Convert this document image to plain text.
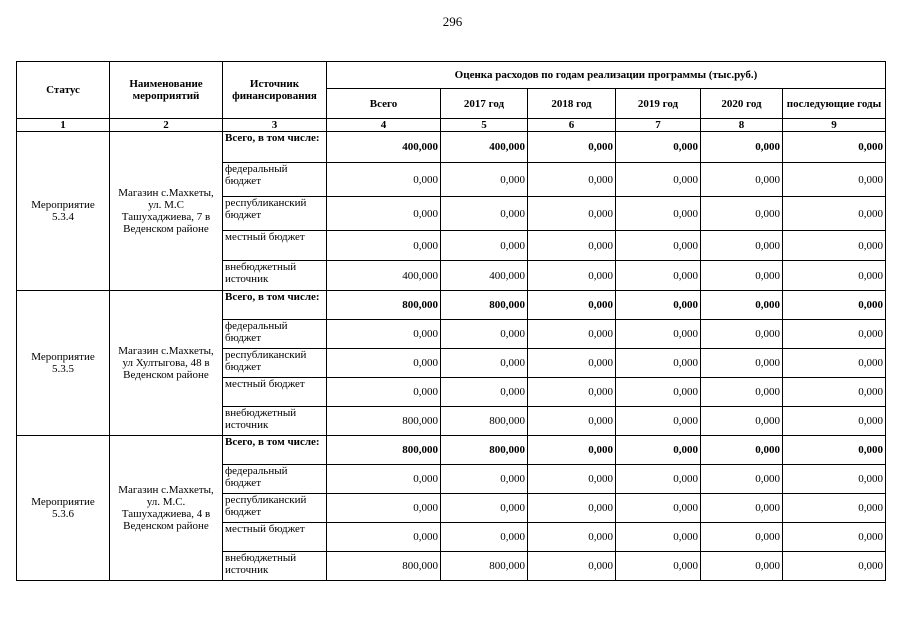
296
Статус	Наименование мероприятий	Источник финансирования	Оценка расходов по годам реализации программы (тыс.руб.)					
			Всего	2017 год	2018 год	2019 год	2020 год	последующие годы
1	2	3	4	5	6	7	8	9
Мероприятие 5.3.4	Магазин с.Махкеты, ул. М.С Ташухаджиева, 7 в Веденском районе	Всего, в том числе:	400,000	400,000	0,000	0,000	0,000	0,000
		федеральный бюджет	0,000	0,000	0,000	0,000	0,000	0,000
		республиканский бюджет	0,000	0,000	0,000	0,000	0,000	0,000
		местный бюджет	0,000	0,000	0,000	0,000	0,000	0,000
		внебюджетный источник	400,000	400,000	0,000	0,000	0,000	0,000
Мероприятие 5.3.5	Магазин с.Махкеты, ул Хултыгова, 48 в Веденском районе	Всего, в том числе:	800,000	800,000	0,000	0,000	0,000	0,000
		федеральный бюджет	0,000	0,000	0,000	0,000	0,000	0,000
		республиканский бюджет	0,000	0,000	0,000	0,000	0,000	0,000
		местный бюджет	0,000	0,000	0,000	0,000	0,000	0,000
		внебюджетный источник	800,000	800,000	0,000	0,000	0,000	0,000
Мероприятие 5.3.6	Магазин с.Махкеты, ул. М.С. Ташухаджиева, 4 в Веденском районе	Всего, в том числе:	800,000	800,000	0,000	0,000	0,000	0,000
		федеральный бюджет	0,000	0,000	0,000	0,000	0,000	0,000
		республиканский бюджет	0,000	0,000	0,000	0,000	0,000	0,000
		местный бюджет	0,000	0,000	0,000	0,000	0,000	0,000
		внебюджетный источник	800,000	800,000	0,000	0,000	0,000	0,000
